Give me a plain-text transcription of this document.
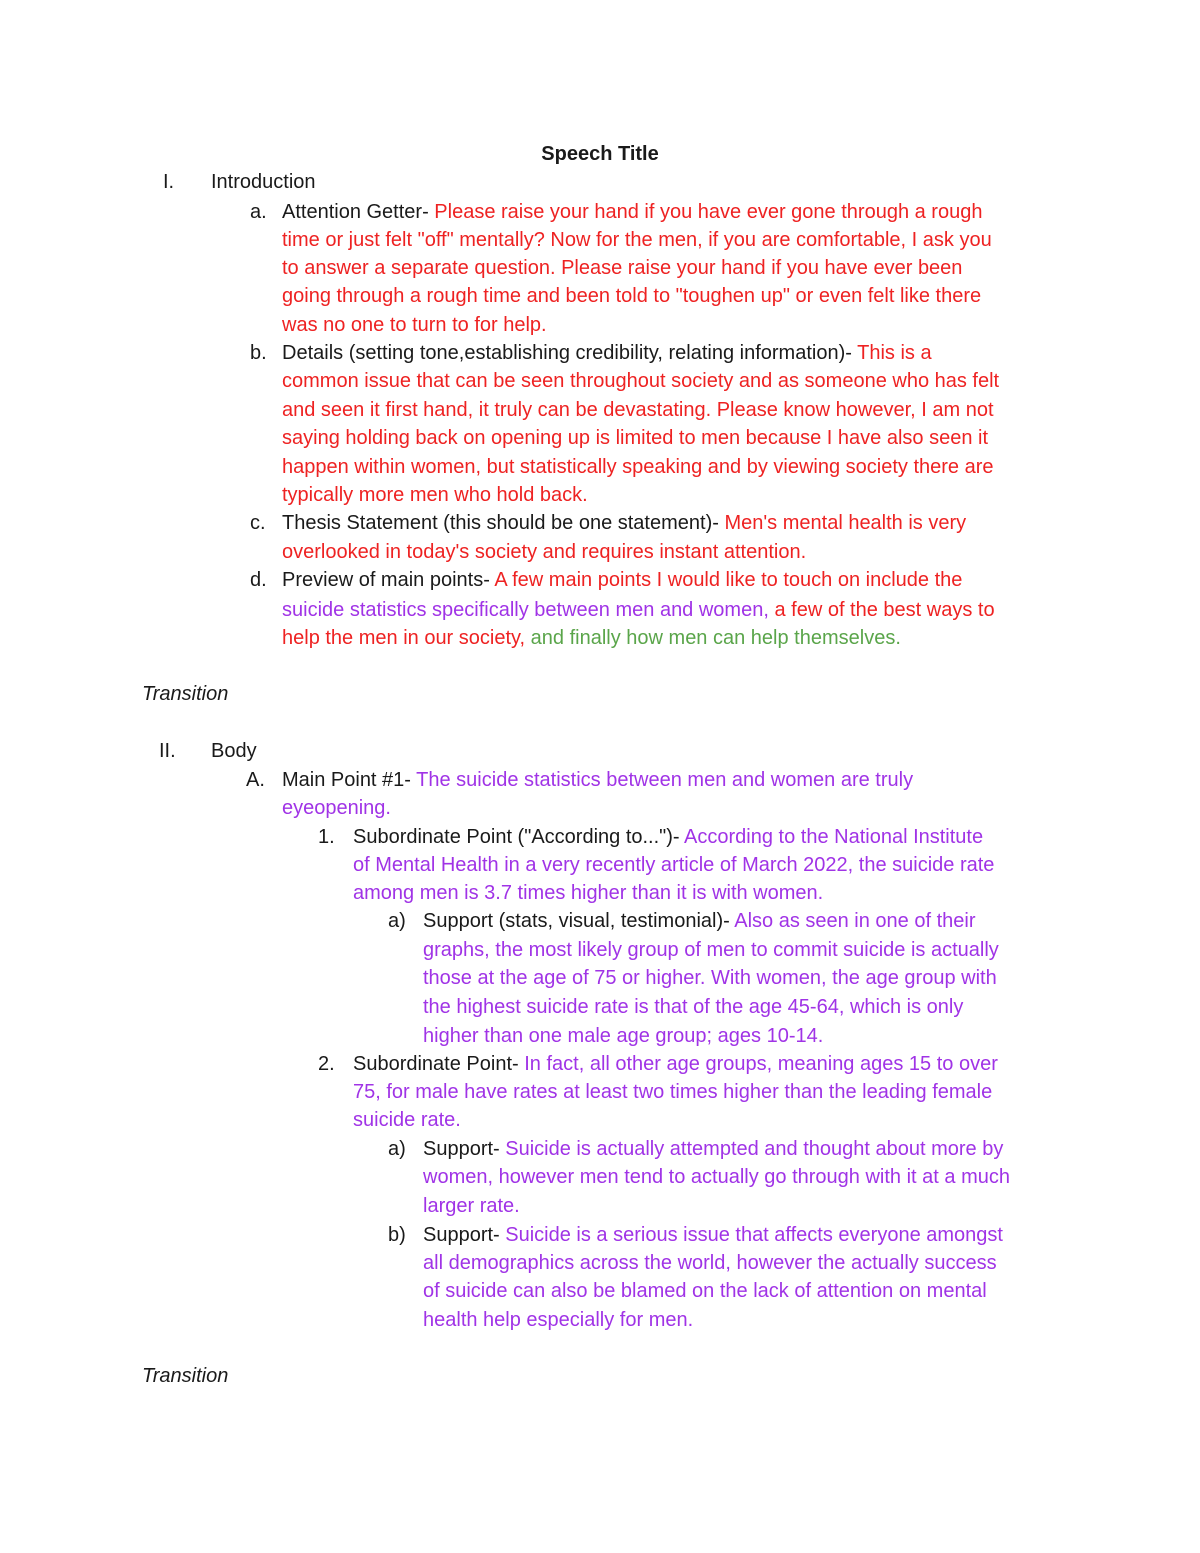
Speech Title
I. Introduction
a. Attention Getter- Please raise your hand if you have ever gone through a rough
time or just felt "off" mentally? Now for the men, if you are comfortable, I ask you
to answer a separate question. Please raise your hand if you have ever been
going through a rough time and been told to "toughen up" or even felt like there
was no one to turn to for help.
b. Details (setting tone,establishing credibility, relating information)- This is a
common issue that can be seen throughout society and as someone who has felt
and seen it first hand, it truly can be devastating. Please know however, I am not
saying holding back on opening up is limited to men because I have also seen it
happen within women, but statistically speaking and by viewing society there are
typically more men who hold back.
c. Thesis Statement (this should be one statement)- Men's mental health is very
overlooked in today's society and requires instant attention.
d. Preview of main points- A few main points I would like to touch on include the
suicide statistics specifically between men and women, a few of the best ways to
help the men in our society, and finally how men can help themselves.
Transition
II. Body
A. Main Point #1- The suicide statistics between men and women are truly
eyeopening.
1. Subordinate Point ("According to...")- According to the National Institute
of Mental Health in a very recently article of March 2022, the suicide rate
among men is 3.7 times higher than it is with women.
a) Support (stats, visual, testimonial)- Also as seen in one of their
graphs, the most likely group of men to commit suicide is actually
those at the age of 75 or higher. With women, the age group with
the highest suicide rate is that of the age 45-64, which is only
higher than one male age group; ages 10-14.
2. Subordinate Point- In fact, all other age groups, meaning ages 15 to over
75, for male have rates at least two times higher than the leading female
suicide rate.
a) Support- Suicide is actually attempted and thought about more by
women, however men tend to actually go through with it at a much
larger rate.
b) Support- Suicide is a serious issue that affects everyone amongst
all demographics across the world, however the actually success
of suicide can also be blamed on the lack of attention on mental
health help especially for men.
Transition
